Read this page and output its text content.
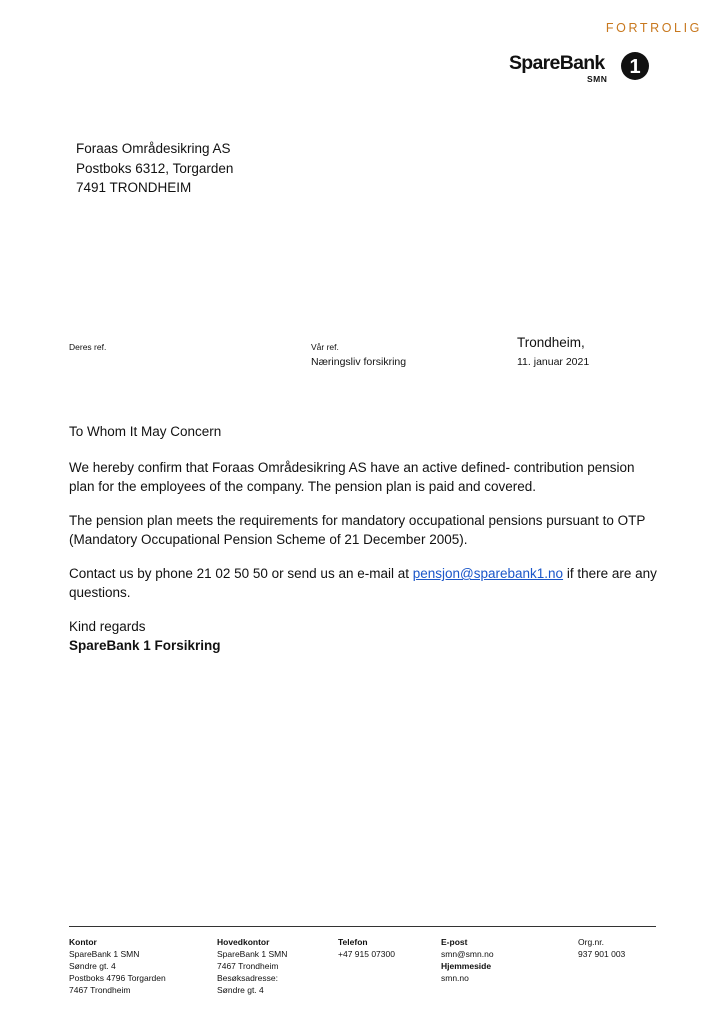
FORTROLIG
SpareBank
SMN
1
Foraas Områdesikring AS
Postboks 6312, Torgarden
7491 TRONDHEIM
Deres ref.	Vår ref.
Næringsliv forsikring
Trondheim,
11. januar 2021
To Whom It May Concern
We hereby confirm that Foraas Områdesikring AS have an active defined- contribution pension plan for the employees of the company. The pension plan is paid and covered.
The pension plan meets the requirements for mandatory occupational pensions pursuant to OTP
(Mandatory Occupational Pension Scheme of 21 December 2005).
Contact us by phone 21 02 50 50 or send us an e-mail at pensjon@sparebank1.no if there are any
questions.
Kind regards
SpareBank 1 Forsikring
Kontor
SpareBank 1 SMN
Søndre gt. 4
Postboks 4796 Torgarden
7467 Trondheim
Hovedkontor
SpareBank 1 SMN
7467 Trondheim
Besøksadresse:
Søndre gt. 4
Telefon
+47 915 07300
E-post
smn@smn.no
Hjemmeside
smn.no
Org.nr.
937 901 003
